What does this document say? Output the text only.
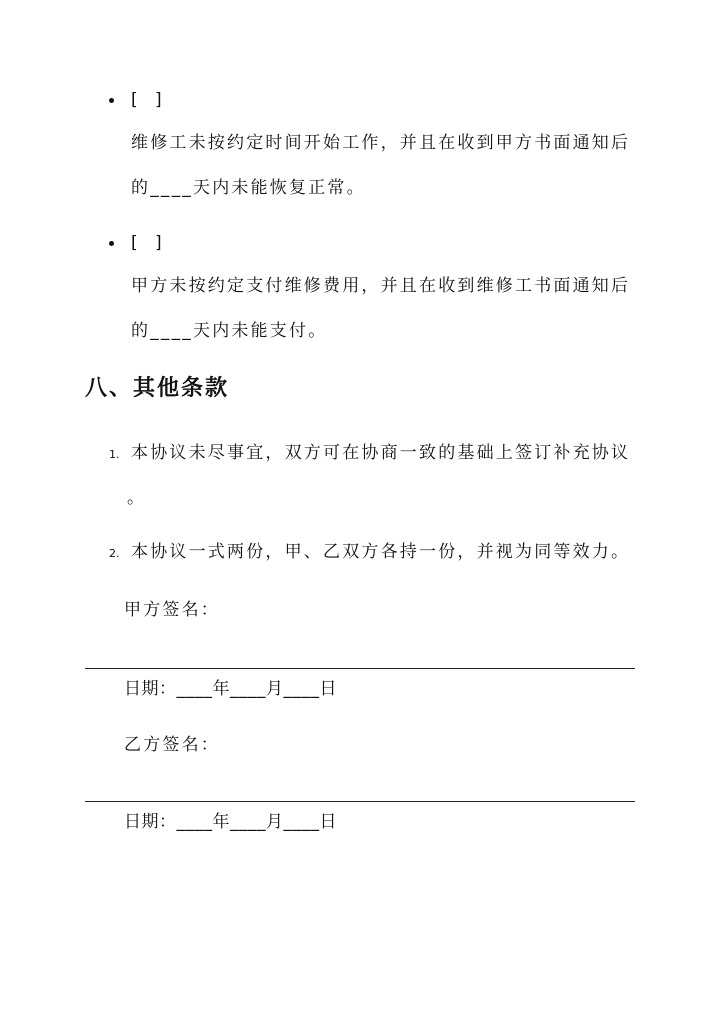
[ ]
维修工未按约定时间开始工作，并且在收到甲方书面通知后
的____天内未能恢复正常。
[ ]
甲方未按约定支付维修费用，并且在收到维修工书面通知后
的____天内未能支付。
八、其他条款
1. 本协议未尽事宜，双方可在协商一致的基础上签订补充协议
。
2. 本协议一式两份，甲、乙双方各持一份，并视为同等效力。
甲方签名：
日期：____年____月____日
乙方签名：
日期：____年____月____日
